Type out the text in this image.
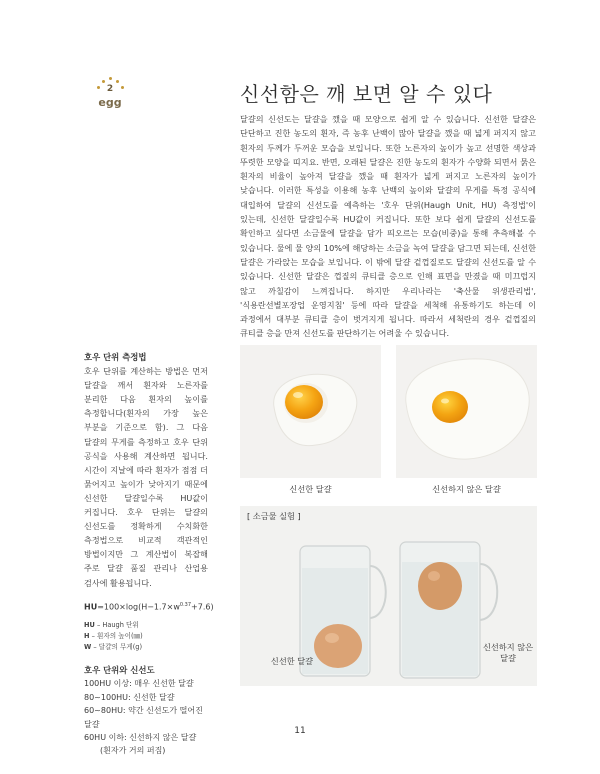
2
egg	신선함은 깨 보면 알 수 있다
달걀의 신선도는 달걀을 깼을 때 모양으로 쉽게 알 수 있습니다. 신선한 달걀은 단단하고 진한 농도의 흰자, 즉 농후 난백이 많아 달걀을 깼을 때 넓게 퍼지지 않고 흰자의 두께가 두꺼운 모습을 보입니다. 또한 노른자의 높이가 높고 선명한 색상과 뚜렷한 모양을 띠지요. 반면, 오래된 달걀은 진한 농도의 흰자가 수양화 되면서 묽은 흰자의 비율이 높아져 달걀을 깼을 때 흰자가 넓게 퍼지고 노른자의 높이가 낮습니다. 이러한 특성을 이용해 농후 난백의 높이와 달걀의 무게를 특정 공식에 대입하여 달걀의 신선도를 예측하는 '호우 단위(Haugh Unit, HU) 측정법'이 있는데, 신선한 달걀일수록 HU값이 커집니다. 또한 보다 쉽게 달걀의 신선도를 확인하고 싶다면 소금물에 달걀을 담가 띄오르는 모습(비중)을 통해 추측해볼 수 있습니다. 물에 물 양의 10%에 해당하는 소금을 녹여 달걀을 담그면 되는데, 신선한 달걀은 가라앉는 모습을 보입니다. 이 밖에 달걀 겉껍질로도 달걀의 신선도를 알 수 있습니다. 신선한 달걀은 껍질의 큐티클 층으로 인해 표면을 만졌을 때 미끄럽지 않고 까칠감이 느껴집니다. 하지만 우리나라는 '축산물 위생관리법', '식용란선별포장업 운영지침' 등에 따라 달걀을 세척해 유통하기도 하는데 이 과정에서 대부분 큐티클 층이 벗겨지게 됩니다. 따라서 세척란의 경우 겉껍질의 큐티클 층을 만져 신선도를 판단하기는 어려울 수 있습니다.
호우 단위 측정법
호우 단위를 계산하는 방법은 먼저 달걀을 깨서 흰자와 노른자를 분리한 다음 흰자의 높이를 측정합니다(흰자의 가장 높은 부분을 기준으로 함). 그 다음 달걀의 무게를 측정하고 호우 단위 공식을 사용해 계산하면 됩니다. 시간이 지날에 따라 흰자가 점점 더 묽어지고 높이가 낮아지기 때문에 신선한 달걀일수록 HU값이 커집니다. 호우 단위는 달걀의 신선도를 정확하게 수치화한 측정법으로 비교적 객관적인 방법이지만 그 계산법이 복잡해 주로 달걀 품질 관리나 산업용 검사에 활용됩니다.
$HU=100\times\log(H-1.7\times w^{0.37}+7.6)$
HU – Haugh 단위
H – 흰자의 높이(㎜)
W – 달걀의 무게(g)
호우 단위와 신선도
100HU 이상: 매우 신선한 달걀
80~100HU: 신선한 달걀
60~80HU: 약간 신선도가 떨어진 달걀
60HU 이하: 신선하지 않은 달걀
(흰자가 거의 퍼짐)
신선한 달걀	신선하지 않은 달걀
[ 소금물 실험 ]
신선한 달걀
신선하지 않은
달걀
11
